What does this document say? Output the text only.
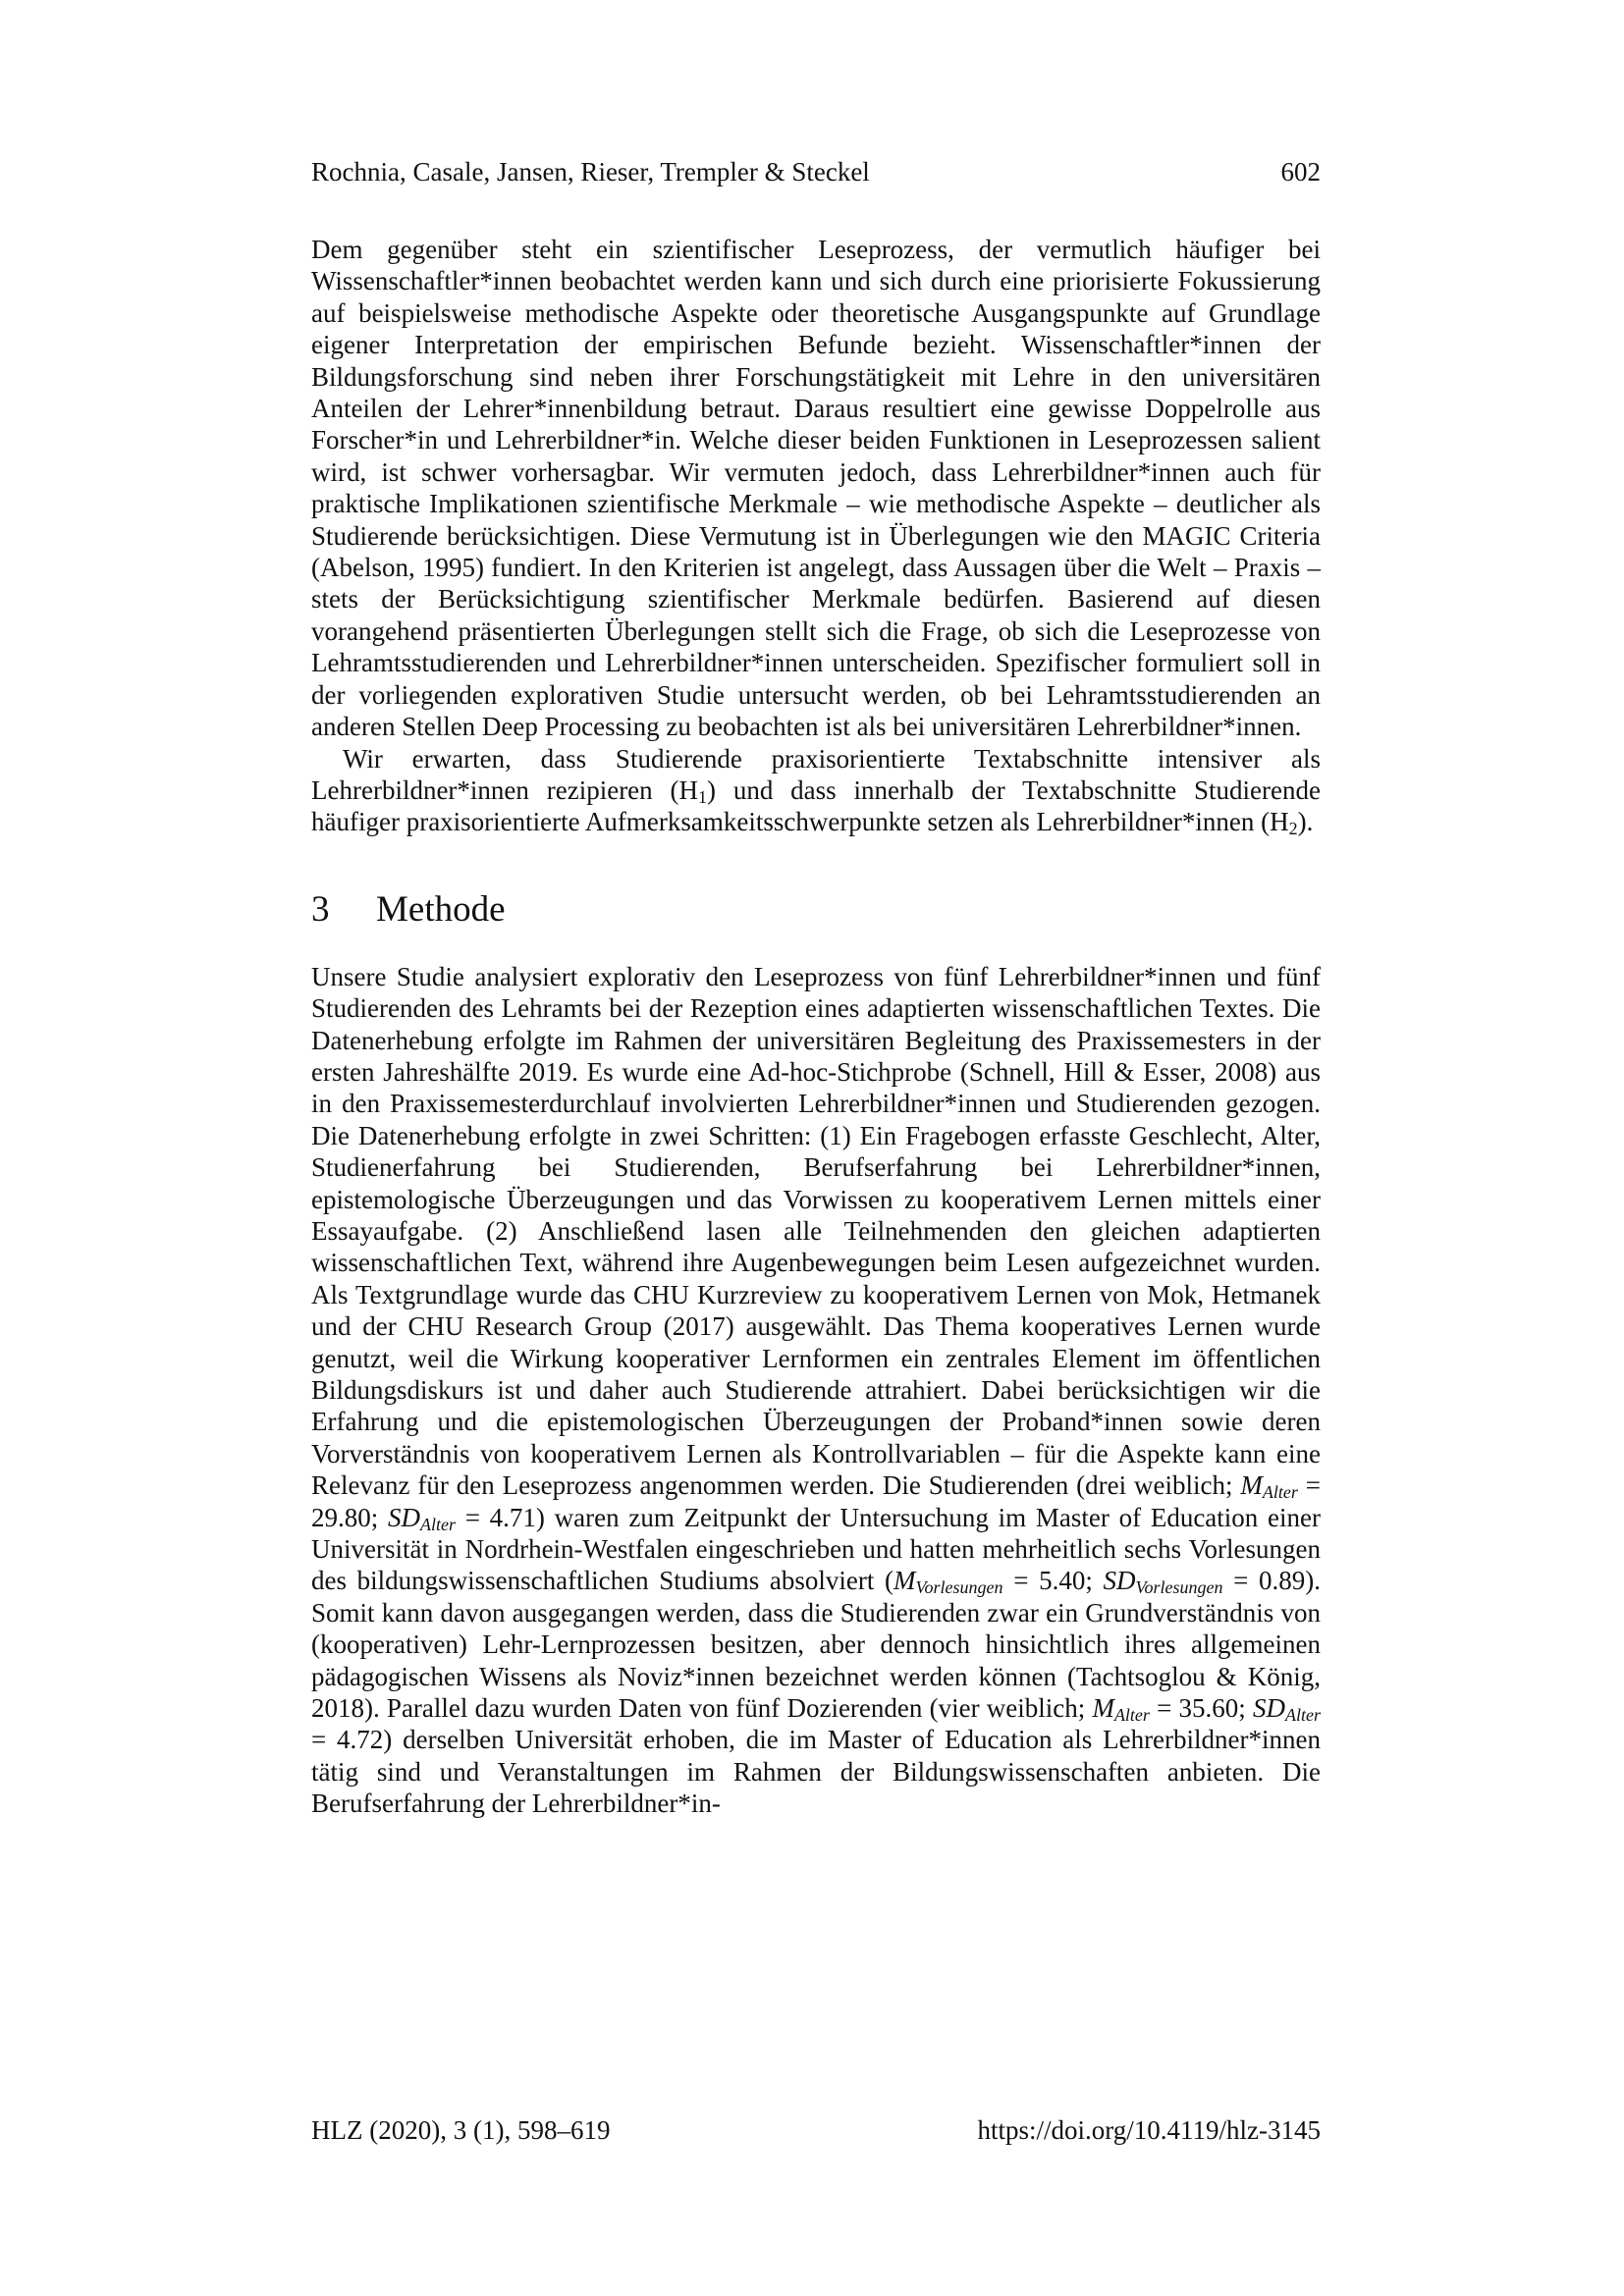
Rochnia, Casale, Jansen, Rieser, Trempler & Steckel	602

Dem gegenüber steht ein szientifischer Leseprozess, der vermutlich häufiger bei Wissenschaftler*innen beobachtet werden kann und sich durch eine priorisierte Fokussierung auf beispielsweise methodische Aspekte oder theoretische Ausgangspunkte auf Grundlage eigener Interpretation der empirischen Befunde bezieht. Wissenschaftler*innen der Bildungsforschung sind neben ihrer Forschungstätigkeit mit Lehre in den universitären Anteilen der Lehrer*innenbildung betraut. Daraus resultiert eine gewisse Doppelrolle aus Forscher*in und Lehrerbildner*in. Welche dieser beiden Funktionen in Leseprozessen salient wird, ist schwer vorhersagbar. Wir vermuten jedoch, dass Lehrerbildner*innen auch für praktische Implikationen szientifische Merkmale – wie methodische Aspekte – deutlicher als Studierende berücksichtigen. Diese Vermutung ist in Überlegungen wie den MAGIC Criteria (Abelson, 1995) fundiert. In den Kriterien ist angelegt, dass Aussagen über die Welt – Praxis – stets der Berücksichtigung szientifischer Merkmale bedürfen. Basierend auf diesen vorangehend präsentierten Überlegungen stellt sich die Frage, ob sich die Leseprozesse von Lehramtsstudierenden und Lehrerbildner*innen unterscheiden. Spezifischer formuliert soll in der vorliegenden explorativen Studie untersucht werden, ob bei Lehramtsstudierenden an anderen Stellen Deep Processing zu beobachten ist als bei universitären Lehrerbildner*innen.

Wir erwarten, dass Studierende praxisorientierte Textabschnitte intensiver als Lehrerbildner*innen rezipieren $(H_1)$ und dass innerhalb der Textabschnitte Studierende häufiger praxisorientierte Aufmerksamkeitsschwerpunkte setzen als Lehrerbildner*innen $(H_2)$.

3	Methode

Unsere Studie analysiert explorativ den Leseprozess von fünf Lehrerbildner*innen und fünf Studierenden des Lehramts bei der Rezeption eines adaptierten wissenschaftlichen Textes. Die Datenerhebung erfolgte im Rahmen der universitären Begleitung des Praxissemesters in der ersten Jahreshälfte 2019. Es wurde eine Ad-hoc-Stichprobe (Schnell, Hill & Esser, 2008) aus in den Praxissemesterdurchlauf involvierten Lehrerbildner*innen und Studierenden gezogen. Die Datenerhebung erfolgte in zwei Schritten: (1) Ein Fragebogen erfasste Geschlecht, Alter, Studienerfahrung bei Studierenden, Berufserfahrung bei Lehrerbildner*innen, epistemologische Überzeugungen und das Vorwissen zu kooperativem Lernen mittels einer Essayaufgabe. (2) Anschließend lasen alle Teilnehmenden den gleichen adaptierten wissenschaftlichen Text, während ihre Augenbewegungen beim Lesen aufgezeichnet wurden. Als Textgrundlage wurde das CHU Kurzreview zu kooperativem Lernen von Mok, Hetmanek und der CHU Research Group (2017) ausgewählt. Das Thema kooperatives Lernen wurde genutzt, weil die Wirkung kooperativer Lernformen ein zentrales Element im öffentlichen Bildungsdiskurs ist und daher auch Studierende attrahiert. Dabei berücksichtigen wir die Erfahrung und die epistemologischen Überzeugungen der Proband*innen sowie deren Vorverständnis von kooperativem Lernen als Kontrollvariablen – für die Aspekte kann eine Relevanz für den Leseprozess angenommen werden. Die Studierenden (drei weiblich; $M_{Alter} = 29.80$; $SD_{Alter} = 4.71$) waren zum Zeitpunkt der Untersuchung im Master of Education einer Universität in Nordrhein-Westfalen eingeschrieben und hatten mehrheitlich sechs Vorlesungen des bildungswissenschaftlichen Studiums absolviert ($M_{Vorlesungen} = 5.40$; $SD_{Vorlesungen} = 0.89$). Somit kann davon ausgegangen werden, dass die Studierenden zwar ein Grundverständnis von (kooperativen) Lehr-Lernprozessen besitzen, aber dennoch hinsichtlich ihres allgemeinen pädagogischen Wissens als Noviz*innen bezeichnet werden können (Tachtsoglou & König, 2018). Parallel dazu wurden Daten von fünf Dozierenden (vier weiblich; $M_{Alter} = 35.60$; $SD_{Alter} = 4.72$) derselben Universität erhoben, die im Master of Education als Lehrerbildner*innen tätig sind und Veranstaltungen im Rahmen der Bildungswissenschaften anbieten. Die Berufserfahrung der Lehrerbildner*in-

HLZ (2020), 3 (1), 598–619	https://doi.org/10.4119/hlz-3145
